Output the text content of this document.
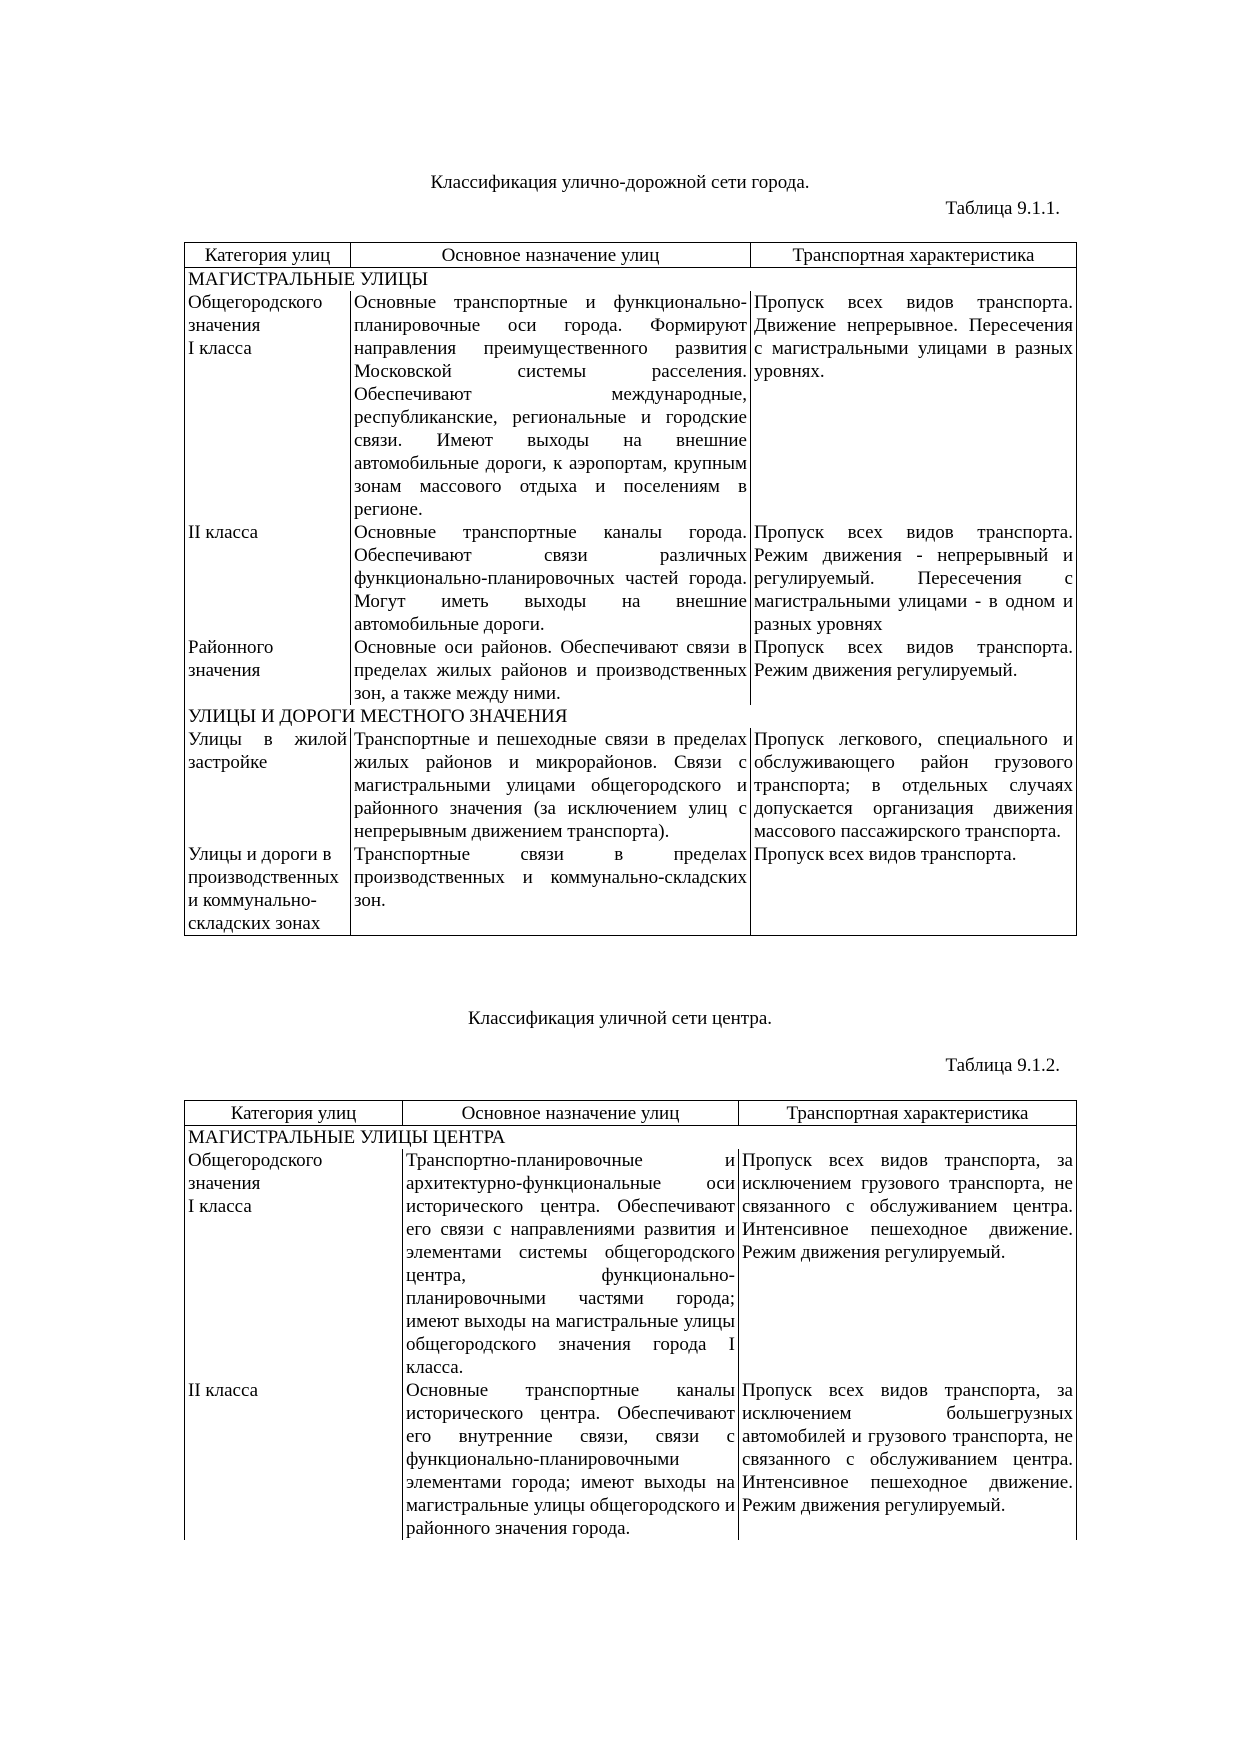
Классификация улично-дорожной сети города.
Таблица 9.1.1.
Категория улиц	Основное назначение улиц	Транспортная характеристика
МАГИСТРАЛЬНЫЕ УЛИЦЫ		
Общегородского значения
I класса	Основные транспортные и функционально-планировочные оси города. Формируют направления преимущественного развития Московской системы расселения. Обеспечивают международные, республиканские, региональные и городские связи. Имеют выходы на внешние автомобильные дороги, к аэропортам, крупным зонам массового отдыха и поселениям в регионе.	Пропуск всех видов транспорта. Движение непрерывное. Пересечения с магистральными улицами в разных уровнях.
II класса	Основные транспортные каналы города. Обеспечивают связи различных функционально-планировочных частей города. Могут иметь выходы на внешние автомобильные дороги.	Пропуск всех видов транспорта. Режим движения - непрерывный и регулируемый. Пересечения с магистральными улицами - в одном и разных уровнях

Районного значения	Основные оси районов. Обеспечивают связи в пределах жилых районов и производственных зон, а также между ними.	Пропуск всех видов транспорта. Режим движения регулируемый.
УЛИЦЫ И ДОРОГИ МЕСТНОГО ЗНАЧЕНИЯ		
Улицы в жилой застройке	Транспортные и пешеходные связи в пределах жилых районов и микрорайонов. Связи с магистральными улицами общегородского и районного значения (за исключением улиц с непрерывным движением транспорта).	Пропуск легкового, специального и обслуживающего район грузового транспорта; в отдельных случаях допускается организация движения массового пассажирского транспорта.
Улицы и дороги в производственных и коммунально-складских зонах	Транспортные связи в пределах производственных и коммунально-складских зон.	Пропуск всех видов транспорта.
Классификация уличной сети центра.
Таблица 9.1.2.
Категория улиц	Основное назначение улиц	Транспортная характеристика
МАГИСТРАЛЬНЫЕ УЛИЦЫ ЦЕНТРА		

Общегородского значения
I класса	Транспортно-планировочные и архитектурно-функциональные оси исторического центра. Обеспечивают его связи с направлениями развития и элементами системы общегородского центра, функционально-планировочными частями города; имеют выходы на магистральные улицы общегородского значения города I класса.	Пропуск всех видов транспорта, за исключением грузового транспорта, не связанного с обслуживанием центра. Интенсивное пешеходное движение. Режим движения регулируемый.
II класса	Основные транспортные каналы исторического центра. Обеспечивают его внутренние связи, связи с функционально-планировочными элементами города; имеют выходы на магистральные улицы общегородского и районного значения города.	Пропуск всех видов транспорта, за исключением большегрузных автомобилей и грузового транспорта, не связанного с обслуживанием центра. Интенсивное пешеходное движение. Режим движения регулируемый.
